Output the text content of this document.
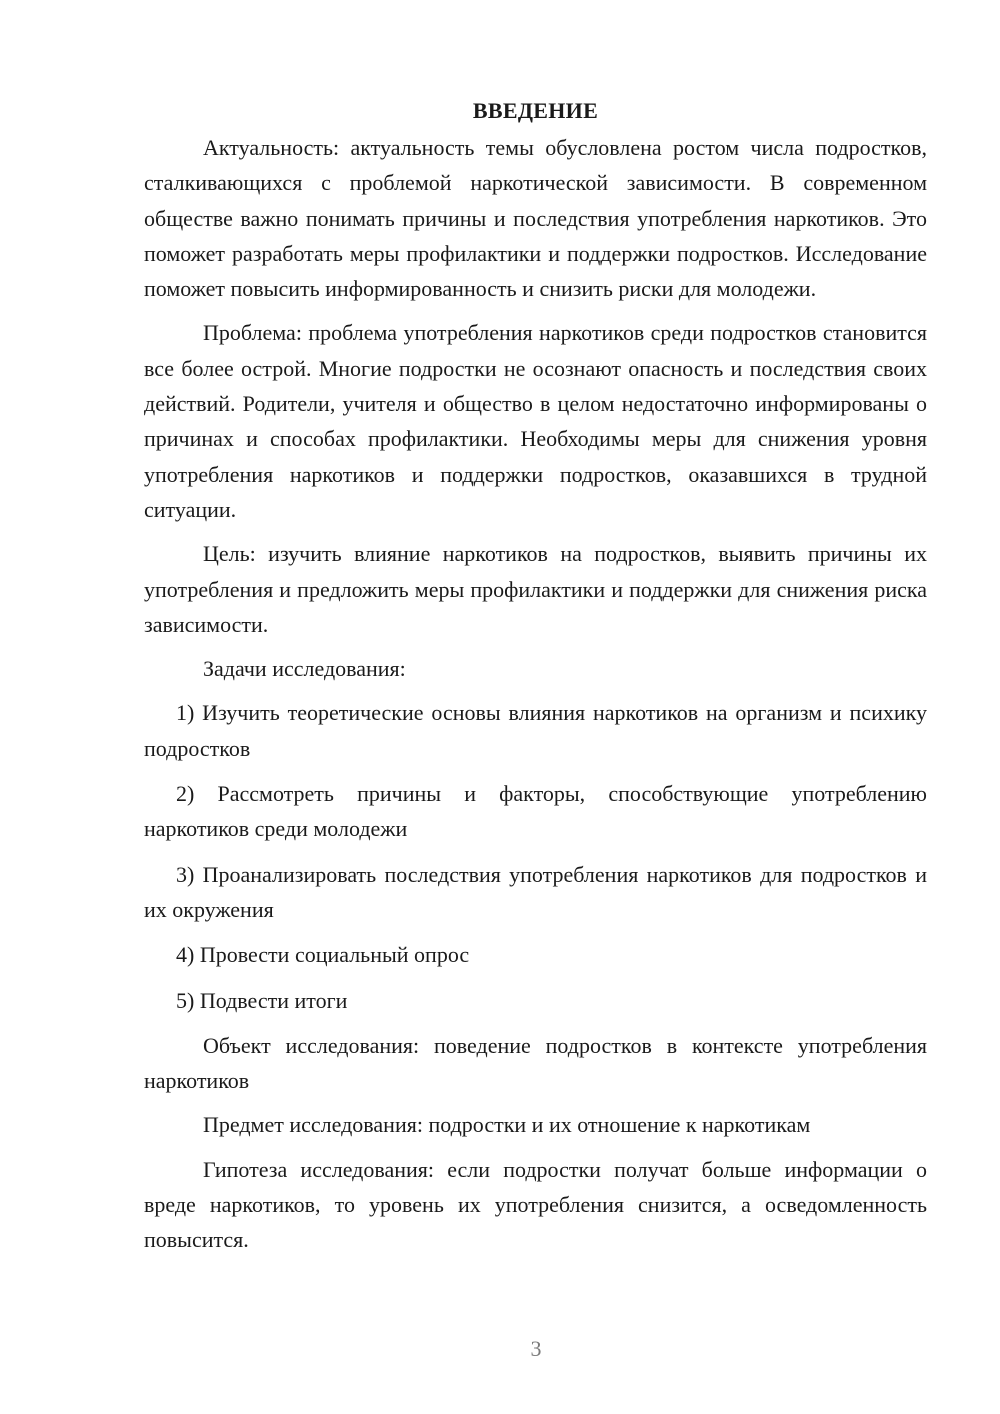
ВВЕДЕНИЕ

Актуальность: актуальность темы обусловлена ростом числа подростков, сталкивающихся с проблемой наркотической зависимости. В современном обществе важно понимать причины и последствия употребления наркотиков. Это поможет разработать меры профилактики и поддержки подростков. Исследование поможет повысить информированность и снизить риски для молодежи.

Проблема: проблема употребления наркотиков среди подростков становится все более острой. Многие подростки не осознают опасность и последствия своих действий. Родители, учителя и общество в целом недостаточно информированы о причинах и способах профилактики. Необходимы меры для снижения уровня употребления наркотиков и поддержки подростков, оказавшихся в трудной ситуации.

Цель: изучить влияние наркотиков на подростков, выявить причины их употребления и предложить меры профилактики и поддержки для снижения риска зависимости.

Задачи исследования:

1) Изучить теоретические основы влияния наркотиков на организм и психику подростков

2) Рассмотреть причины и факторы, способствующие употреблению наркотиков среди молодежи

3) Проанализировать последствия употребления наркотиков для подростков и их окружения

4) Провести социальный опрос

5) Подвести итоги

Объект исследования: поведение подростков в контексте употребления наркотиков

Предмет исследования: подростки и их отношение к наркотикам

Гипотеза исследования: если подростки получат больше информации о вреде наркотиков, то уровень их употребления снизится, а осведомленность повысится.

3
